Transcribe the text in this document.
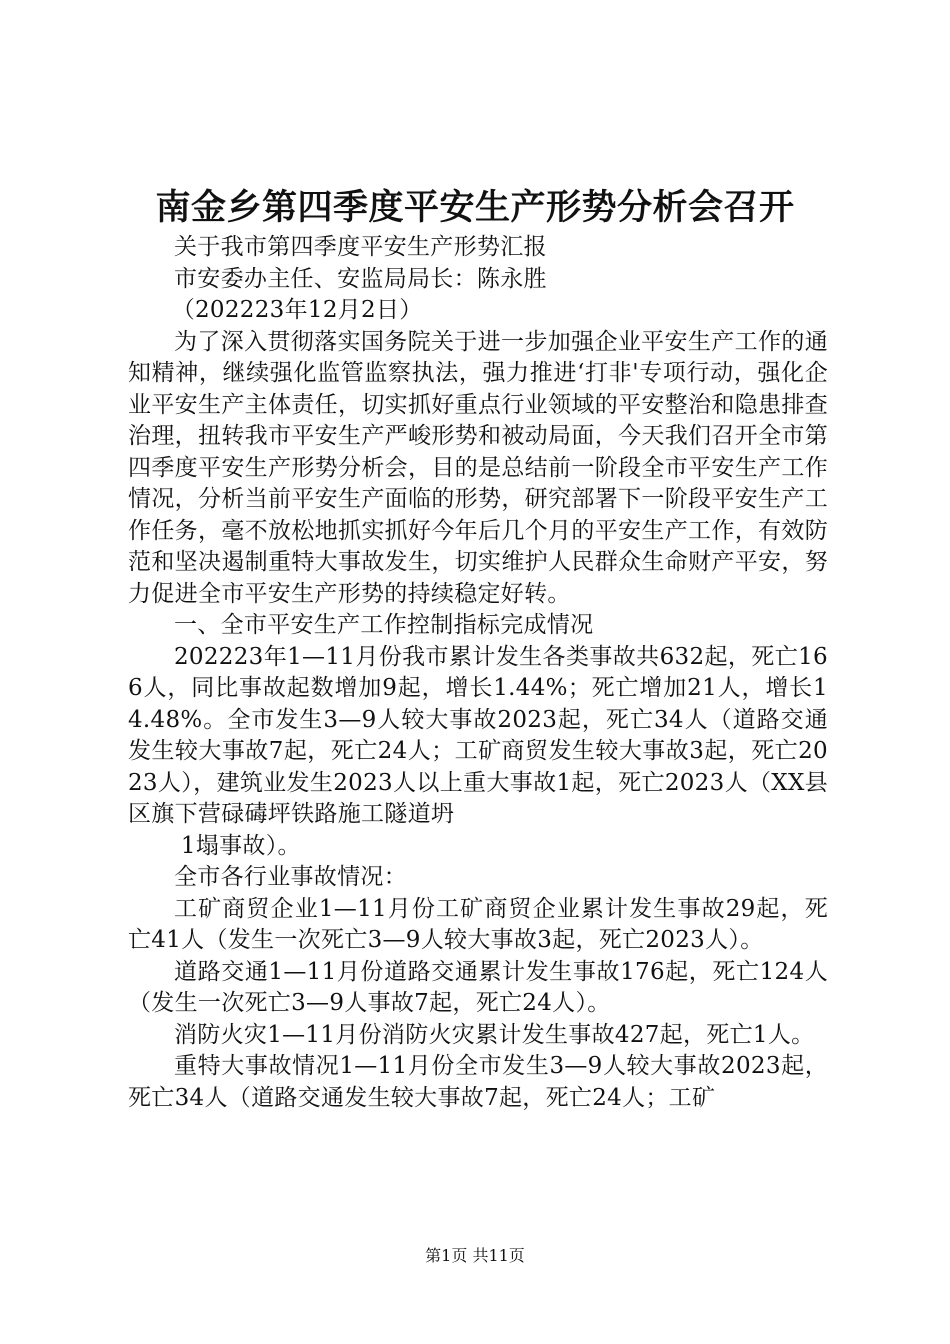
南金乡第四季度平安生产形势分析会召开

关于我市第四季度平安生产形势汇报

市安委办主任、安监局局长：陈永胜

（202223年12月2日）

为了深入贯彻落实国务院关于进一步加强企业平安生产工作的通知精神，继续强化监管监察执法，强力推进‘打非'专项行动，强化企业平安生产主体责任，切实抓好重点行业领域的平安整治和隐患排查治理，扭转我市平安生产严峻形势和被动局面，今天我们召开全市第四季度平安生产形势分析会，目的是总结前一阶段全市平安生产工作情况，分析当前平安生产面临的形势，研究部署下一阶段平安生产工作任务，毫不放松地抓实抓好今年后几个月的平安生产工作，有效防范和坚决遏制重特大事故发生，切实维护人民群众生命财产平安，努力促进全市平安生产形势的持续稳定好转。

一、全市平安生产工作控制指标完成情况

202223年1—11月份我市累计发生各类事故共632起，死亡166人，同比事故起数增加9起，增长1.44%；死亡增加21人，增长14.48%。全市发生3—9人较大事故2023起，死亡34人（道路交通发生较大事故7起，死亡24人；工矿商贸发生较大事故3起，死亡2023人），建筑业发生2023人以上重大事故1起，死亡2023人（XX县区旗下营碌碡坪铁路施工隧道坍

1塌事故）。

全市各行业事故情况：

工矿商贸企业1—11月份工矿商贸企业累计发生事故29起，死亡41人（发生一次死亡3—9人较大事故3起，死亡2023人）。

道路交通1—11月份道路交通累计发生事故176起，死亡124人（发生一次死亡3—9人事故7起，死亡24人）。

消防火灾1—11月份消防火灾累计发生事故427起，死亡1人。

重特大事故情况1—11月份全市发生3—9人较大事故2023起，死亡34人（道路交通发生较大事故7起，死亡24人；工矿

第1页 共11页
